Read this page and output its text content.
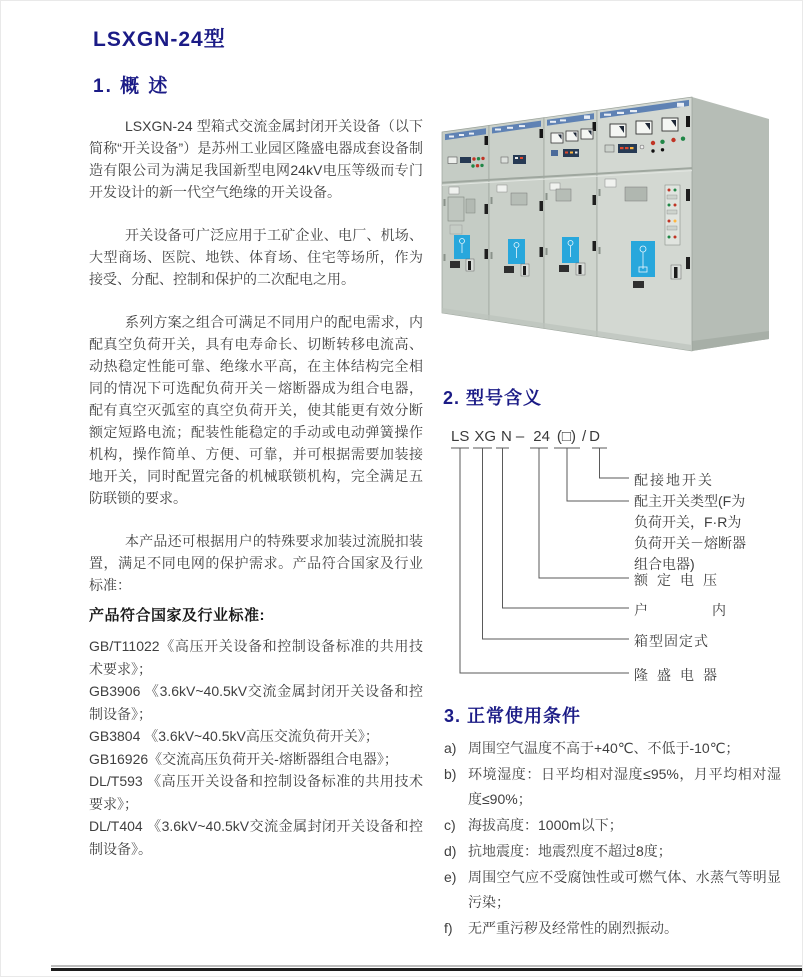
LSXGN-24型
1. 概 述

LSXGN-24 型箱式交流金属封闭开关设备（以下简称“开关设备”）是苏州工业园区隆盛电器成套设备制造有限公司为满足我国新型电网24kV电压等级而专门开发设计的新一代空气绝缘的开关设备。

开关设备可广泛应用于工矿企业、电厂、机场、大型商场、医院、地铁、体育场、住宅等场所，作为接受、分配、控制和保护的二次配电之用。

系列方案之组合可满足不同用户的配电需求，内配真空负荷开关，具有电寿命长、切断转移电流高、动热稳定性能可靠、绝缘水平高，在主体结构完全相同的情况下可选配负荷开关－熔断器成为组合电器，配有真空灭弧室的真空负荷开关，使其能更有效分断额定短路电流；配装性能稳定的手动或电动弹簧操作机构，操作简单、方便、可靠，并可根据需要加装接地开关，同时配置完备的机械联锁机构，完全满足五防联锁的要求。

本产品还可根据用户的特殊要求加装过流脱扣装置，满足不同电网的保护需求。产品符合国家及行业标准：

产品符合国家及行业标准:

GB/T11022《高压开关设备和控制设备标准的共用技术要求》；

GB3906 《3.6kV~40.5kV交流金属封闭开关设备和控制设备》；

GB3804 《3.6kV~40.5kV高压交流负荷开关》；

GB16926《交流高压负荷开关-熔断器组合电器》；

DL/T593 《高压开关设备和控制设备标准的共用技术要求》；

DL/T404 《3.6kV~40.5kV交流金属封闭开关设备和控制设备》。

2. 型号含义
LS XG N – 24 (□) / D
配接地开关
配主开关类型(F为
负荷开关，F·R为
负荷开关－熔断器
组合电器)
额定电压
户内
箱型固定式
隆盛电器
3. 正常使用条件
a) 周围空气温度不高于+40℃、不低于-10℃；
b) 环境湿度：日平均相对湿度≤95%，月平均相对湿度≤90%；
c) 海拔高度：1000m以下；
d) 抗地震度：地震烈度不超过8度；
e) 周围空气应不受腐蚀性或可燃气体、水蒸气等明显污染；
f)	无严重污秽及经常性的剧烈振动。
